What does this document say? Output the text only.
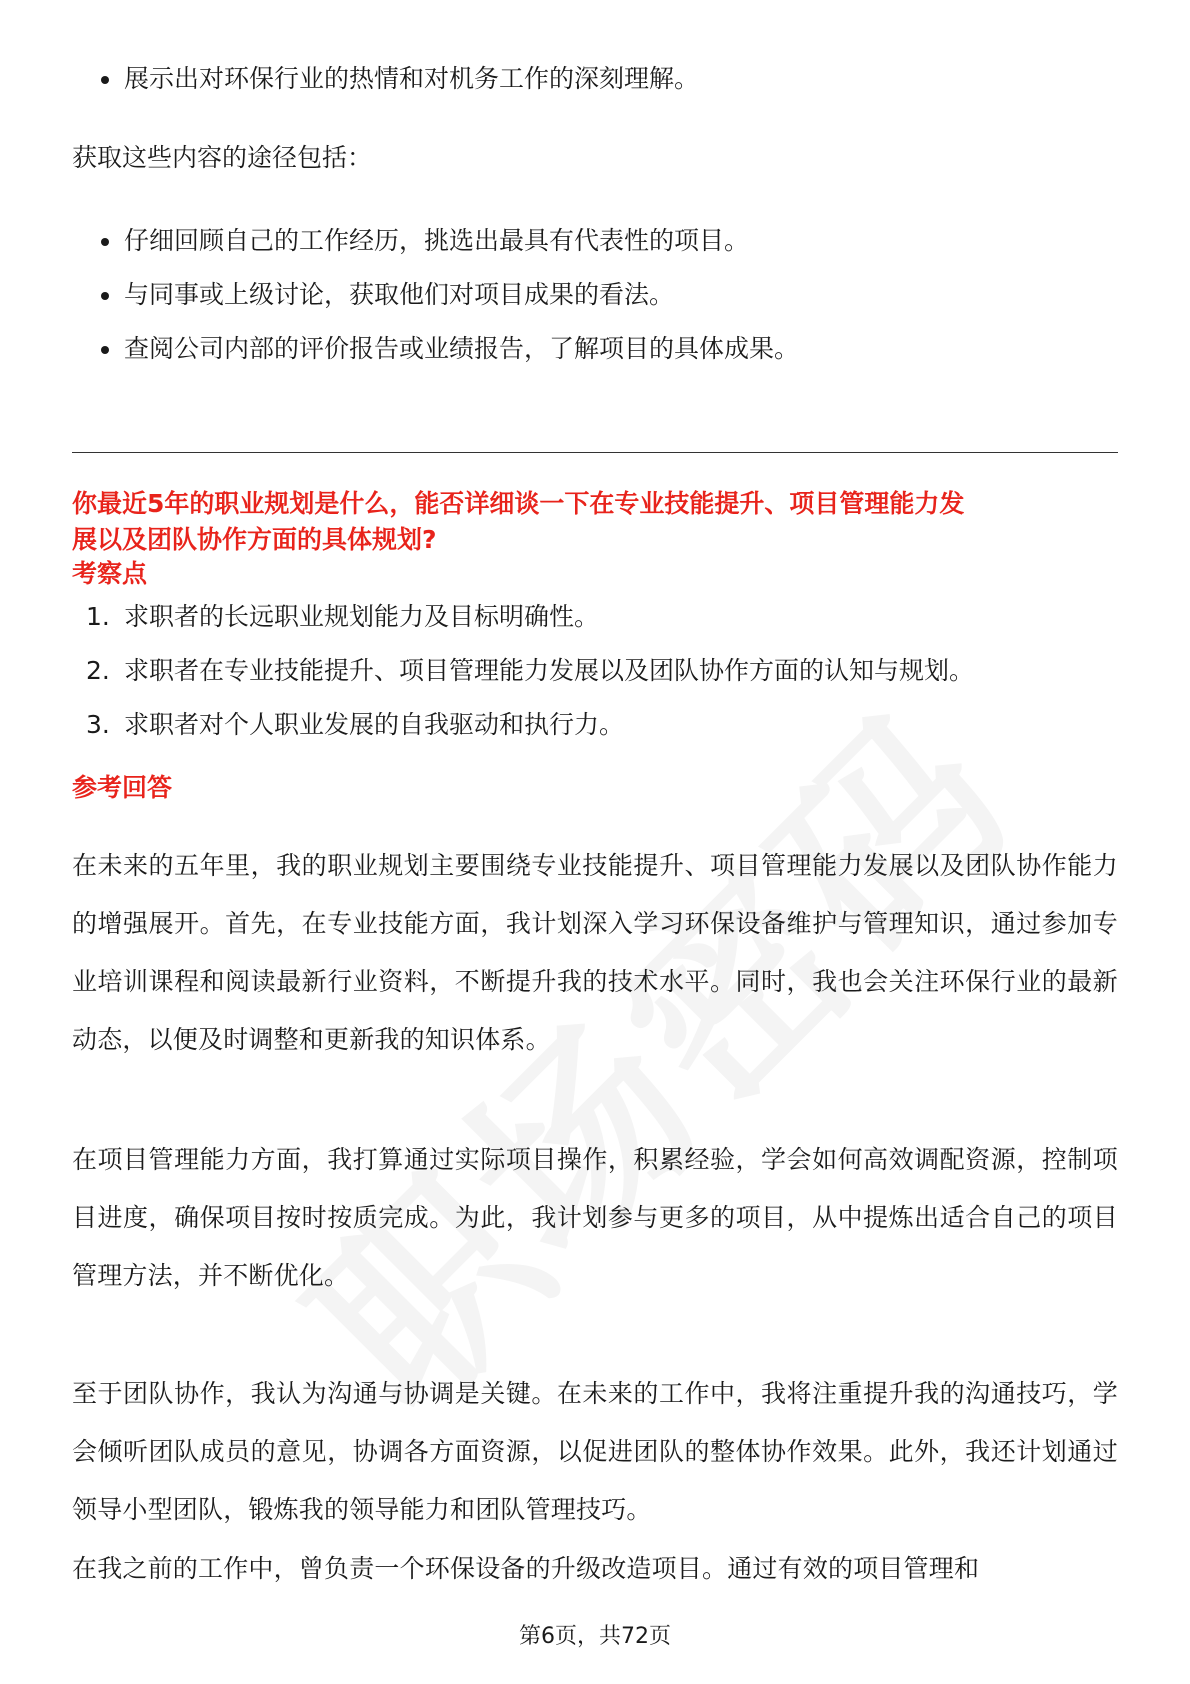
展示出对环保行业的热情和对机务工作的深刻理解。

获取这些内容的途径包括：

仔细回顾自己的工作经历，挑选出最具有代表性的项目。
与同事或上级讨论，获取他们对项目成果的看法。
查阅公司内部的评价报告或业绩报告，了解项目的具体成果。

你最近5年的职业规划是什么，能否详细谈一下在专业技能提升、项目管理能力发

展以及团队协作方面的具体规划?

考察点

1. 求职者的长远职业规划能力及目标明确性。
2. 求职者在专业技能提升、项目管理能力发展以及团队协作方面的认知与规划。
3. 求职者对个人职业发展的自我驱动和执行力。

参考回答

在未来的五年里，我的职业规划主要围绕专业技能提升、项目管理能力发展以及团队协作能力的增强展开。首先，在专业技能方面，我计划深入学习环保设备维护与管理知识，通过参加专业培训课程和阅读最新行业资料，不断提升我的技术水平。同时，我也会关注环保行业的最新动态，以便及时调整和更新我的知识体系。

在项目管理能力方面，我打算通过实际项目操作，积累经验，学会如何高效调配资源，控制项目进度，确保项目按时按质完成。为此，我计划参与更多的项目，从中提炼出适合自己的项目管理方法，并不断优化。

至于团队协作，我认为沟通与协调是关键。在未来的工作中，我将注重提升我的沟通技巧，学会倾听团队成员的意见，协调各方面资源，以促进团队的整体协作效果。此外，我还计划通过领导小型团队，锻炼我的领导能力和团队管理技巧。

在我之前的工作中，曾负责一个环保设备的升级改造项目。通过有效的项目管理和

第6页，共72页
